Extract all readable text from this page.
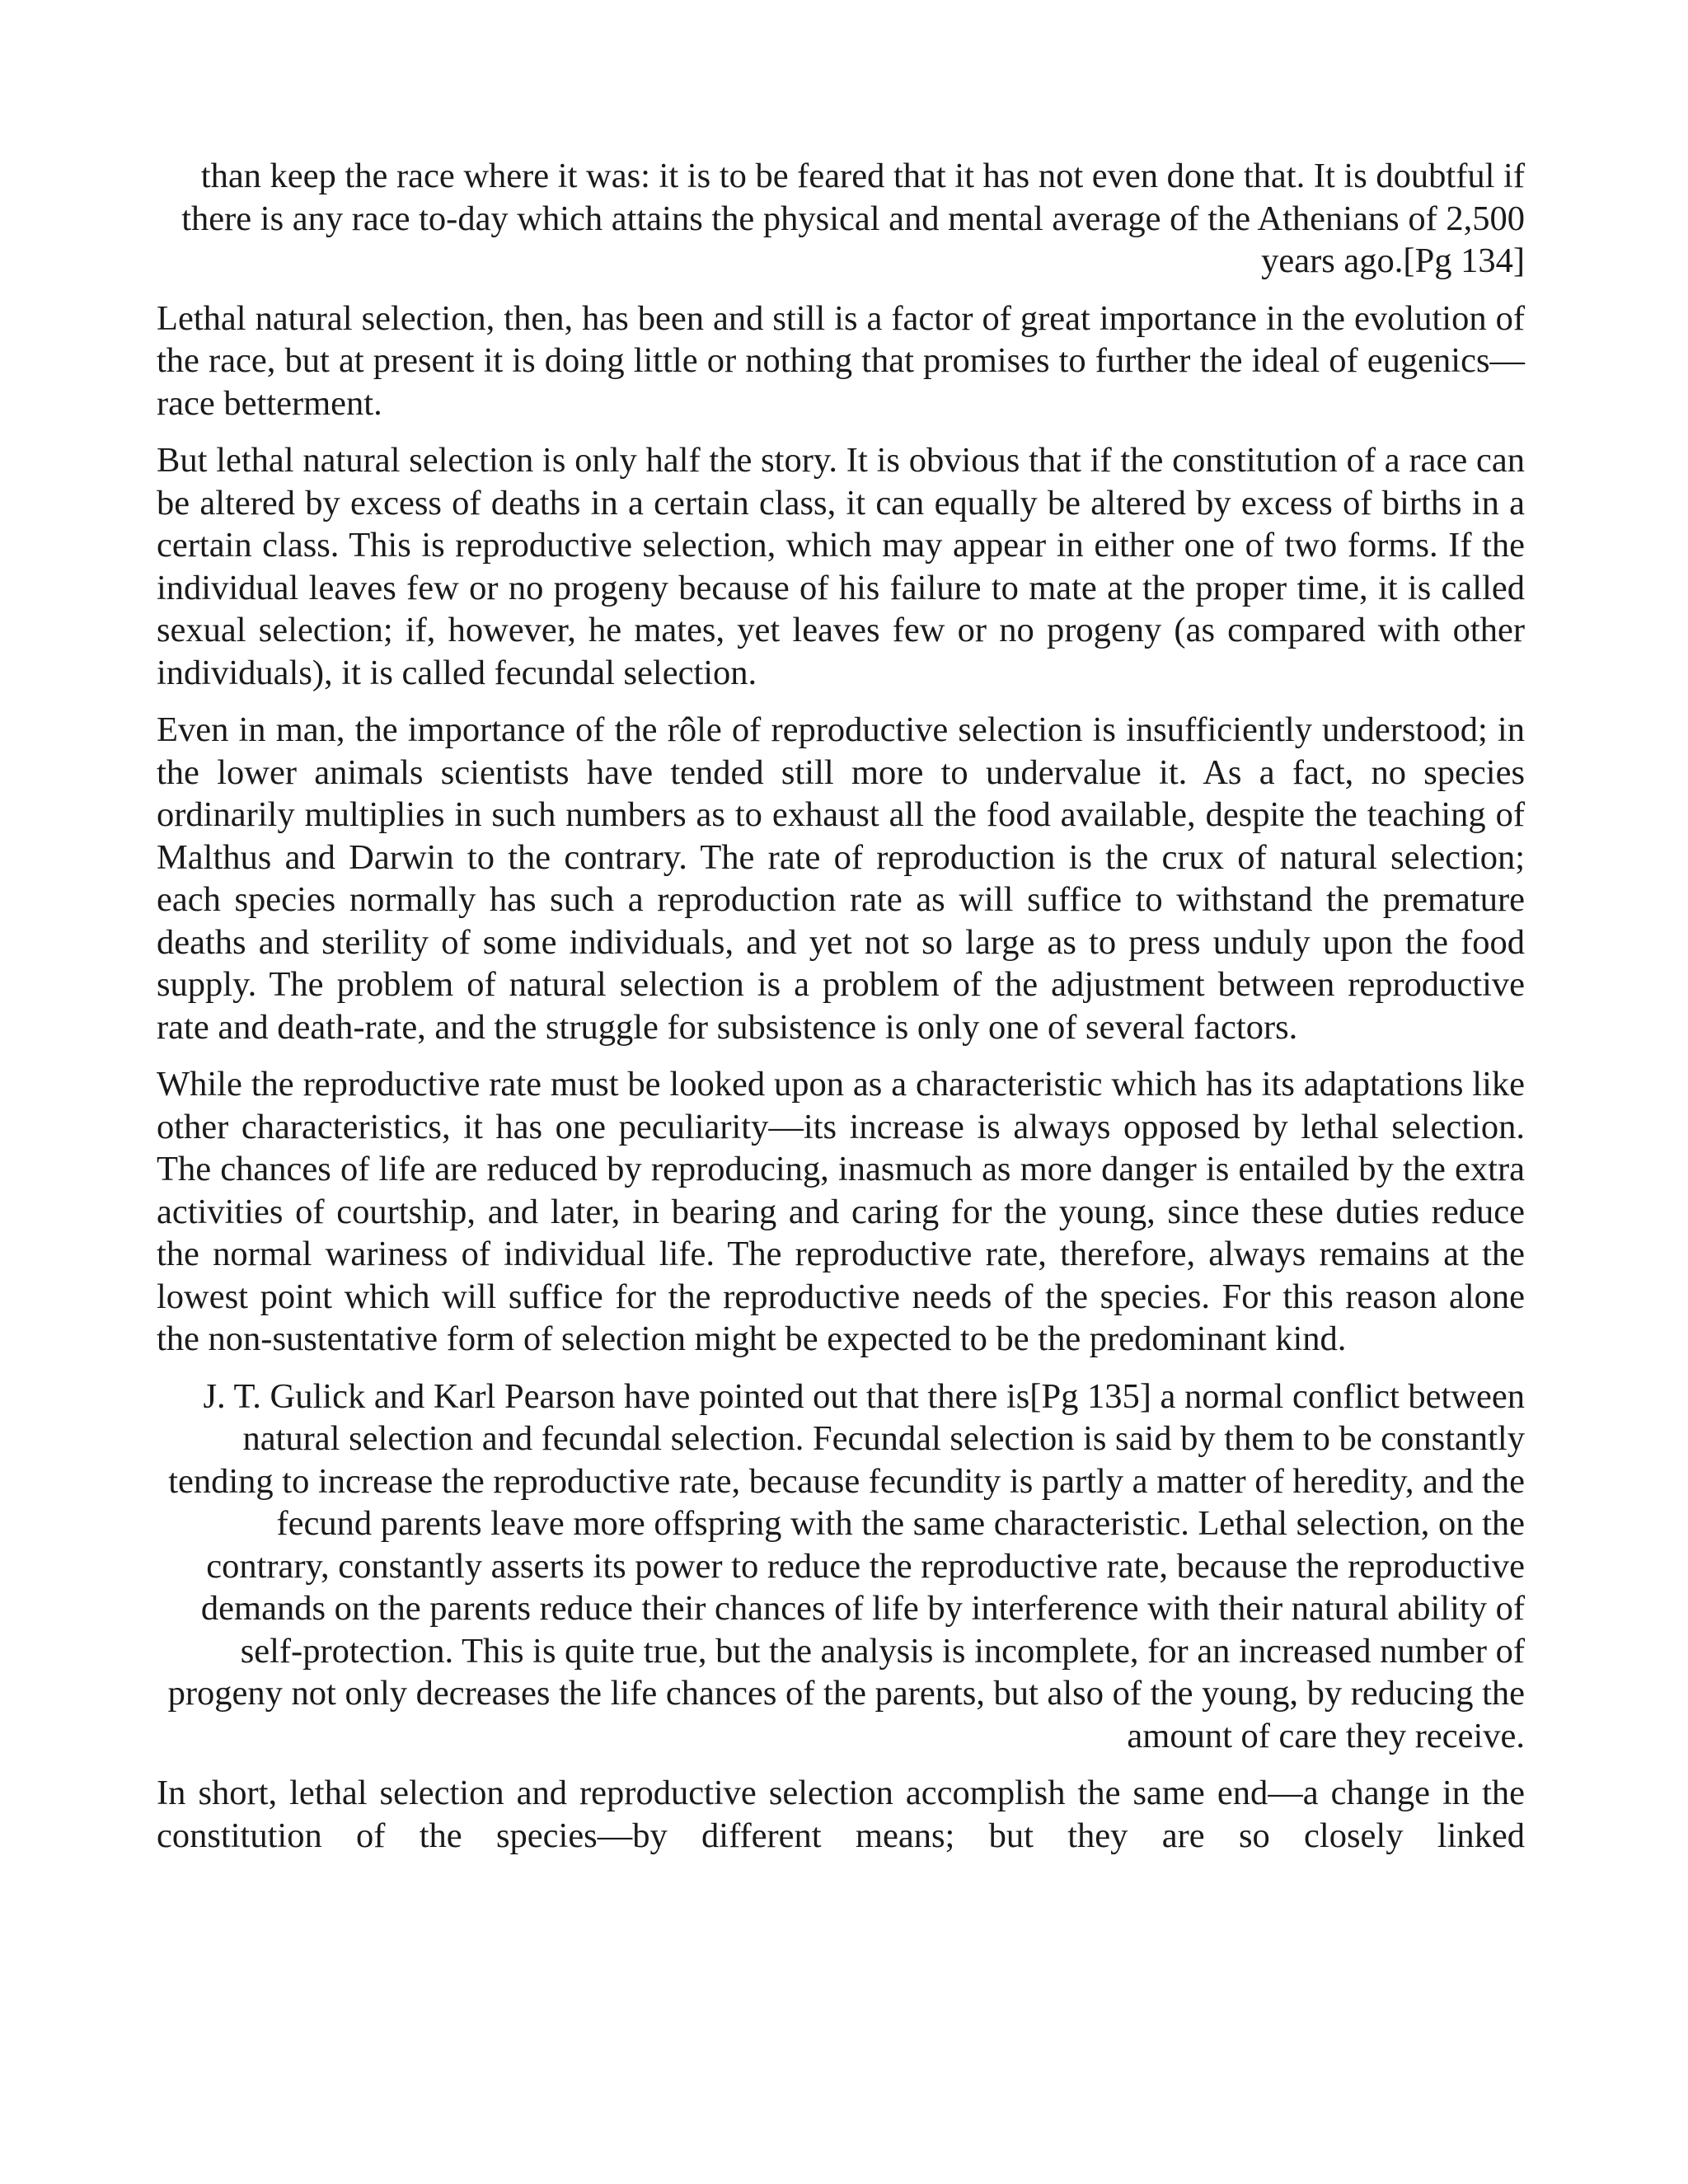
than keep the race where it was: it is to be feared that it has not even done that. It is doubtful if there is any race to-day which attains the physical and mental average of the Athenians of 2,500 years ago.[Pg 134]

Lethal natural selection, then, has been and still is a factor of great importance in the evolution of the race, but at present it is doing little or nothing that promises to further the ideal of eugenics—race betterment.

But lethal natural selection is only half the story. It is obvious that if the constitution of a race can be altered by excess of deaths in a certain class, it can equally be altered by excess of births in a certain class. This is reproductive selection, which may appear in either one of two forms. If the individual leaves few or no progeny because of his failure to mate at the proper time, it is called sexual selection; if, however, he mates, yet leaves few or no progeny (as compared with other individuals), it is called fecundal selection.

Even in man, the importance of the rôle of reproductive selection is insufficiently understood; in the lower animals scientists have tended still more to undervalue it. As a fact, no species ordinarily multiplies in such numbers as to exhaust all the food available, despite the teaching of Malthus and Darwin to the contrary. The rate of reproduction is the crux of natural selection; each species normally has such a reproduction rate as will suffice to withstand the premature deaths and sterility of some individuals, and yet not so large as to press unduly upon the food supply. The problem of natural selection is a problem of the adjustment between reproductive rate and death-rate, and the struggle for subsistence is only one of several factors.

While the reproductive rate must be looked upon as a characteristic which has its adaptations like other characteristics, it has one peculiarity—its increase is always opposed by lethal selection. The chances of life are reduced by reproducing, inasmuch as more danger is entailed by the extra activities of courtship, and later, in bearing and caring for the young, since these duties reduce the normal wariness of individual life. The reproductive rate, therefore, always remains at the lowest point which will suffice for the reproductive needs of the species. For this reason alone the non-sustentative form of selection might be expected to be the predominant kind.

J. T. Gulick and Karl Pearson have pointed out that there is[Pg 135] a normal conflict between natural selection and fecundal selection. Fecundal selection is said by them to be constantly tending to increase the reproductive rate, because fecundity is partly a matter of heredity, and the fecund parents leave more offspring with the same characteristic. Lethal selection, on the contrary, constantly asserts its power to reduce the reproductive rate, because the reproductive demands on the parents reduce their chances of life by interference with their natural ability of self-protection. This is quite true, but the analysis is incomplete, for an increased number of progeny not only decreases the life chances of the parents, but also of the young, by reducing the amount of care they receive.

In short, lethal selection and reproductive selection accomplish the same end—a change in the constitution of the species—by different means; but they are so closely linked
